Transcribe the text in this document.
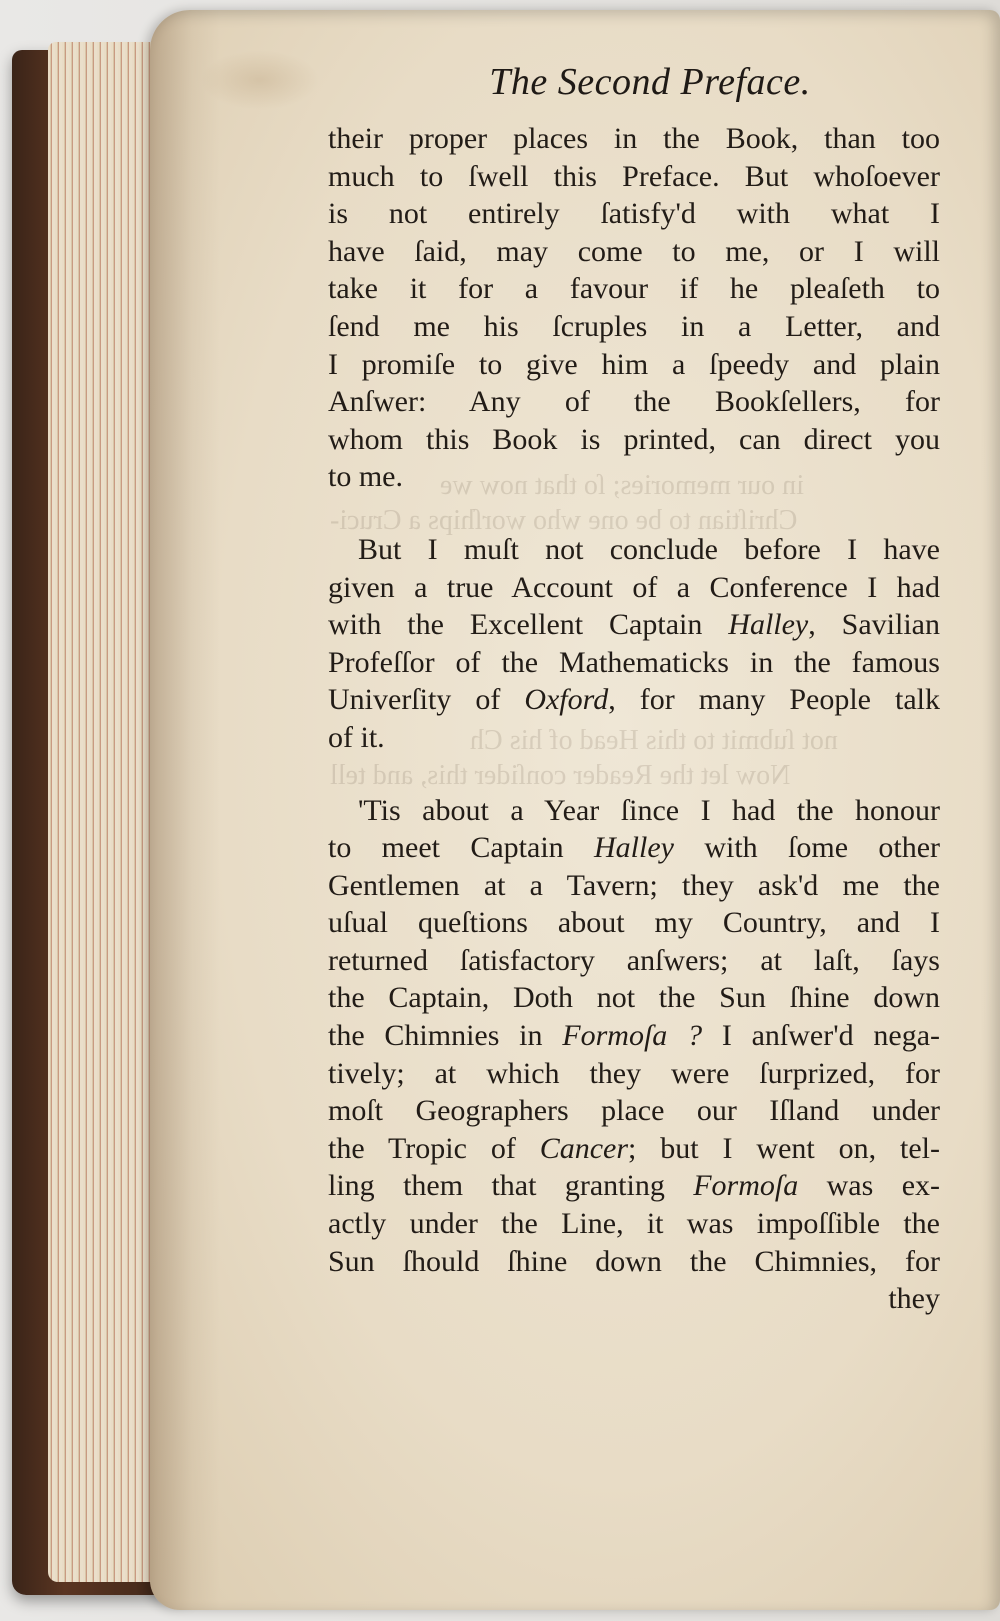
The Second Preface.
their proper places in the Book, than too
much to ſwell this Preface. But whoſoever
is not entirely ſatisfy'd with what I
have ſaid, may come to me, or I will
take it for a favour if he pleaſeth to
ſend me his ſcruples in a Letter, and
I promiſe to give him a ſpeedy and plain
Anſwer: Any of the Bookſellers, for
whom this Book is printed, can direct you
to me.
But I muſt not conclude before I have
given a true Account of a Conference I had
with the Excellent Captain Halley, Savilian
Profeſſor of the Mathematicks in the famous
Univerſity of Oxford, for many People talk
of it.
'Tis about a Year ſince I had the honour
to meet Captain Halley with ſome other
Gentlemen at a Tavern; they ask'd me the
uſual queſtions about my Country, and I
returned ſatisfactory anſwers; at laſt, ſays
the Captain, Doth not the Sun ſhine down
the Chimnies in Formoſa ? I anſwer'd nega-
tively; at which they were ſurprized, for
moſt Geographers place our Iſland under
the Tropic of Cancer; but I went on, tel-
ling them that granting Formoſa was ex-
actly under the Line, it was impoſſible the
Sun ſhould ſhine down the Chimnies, for
they
